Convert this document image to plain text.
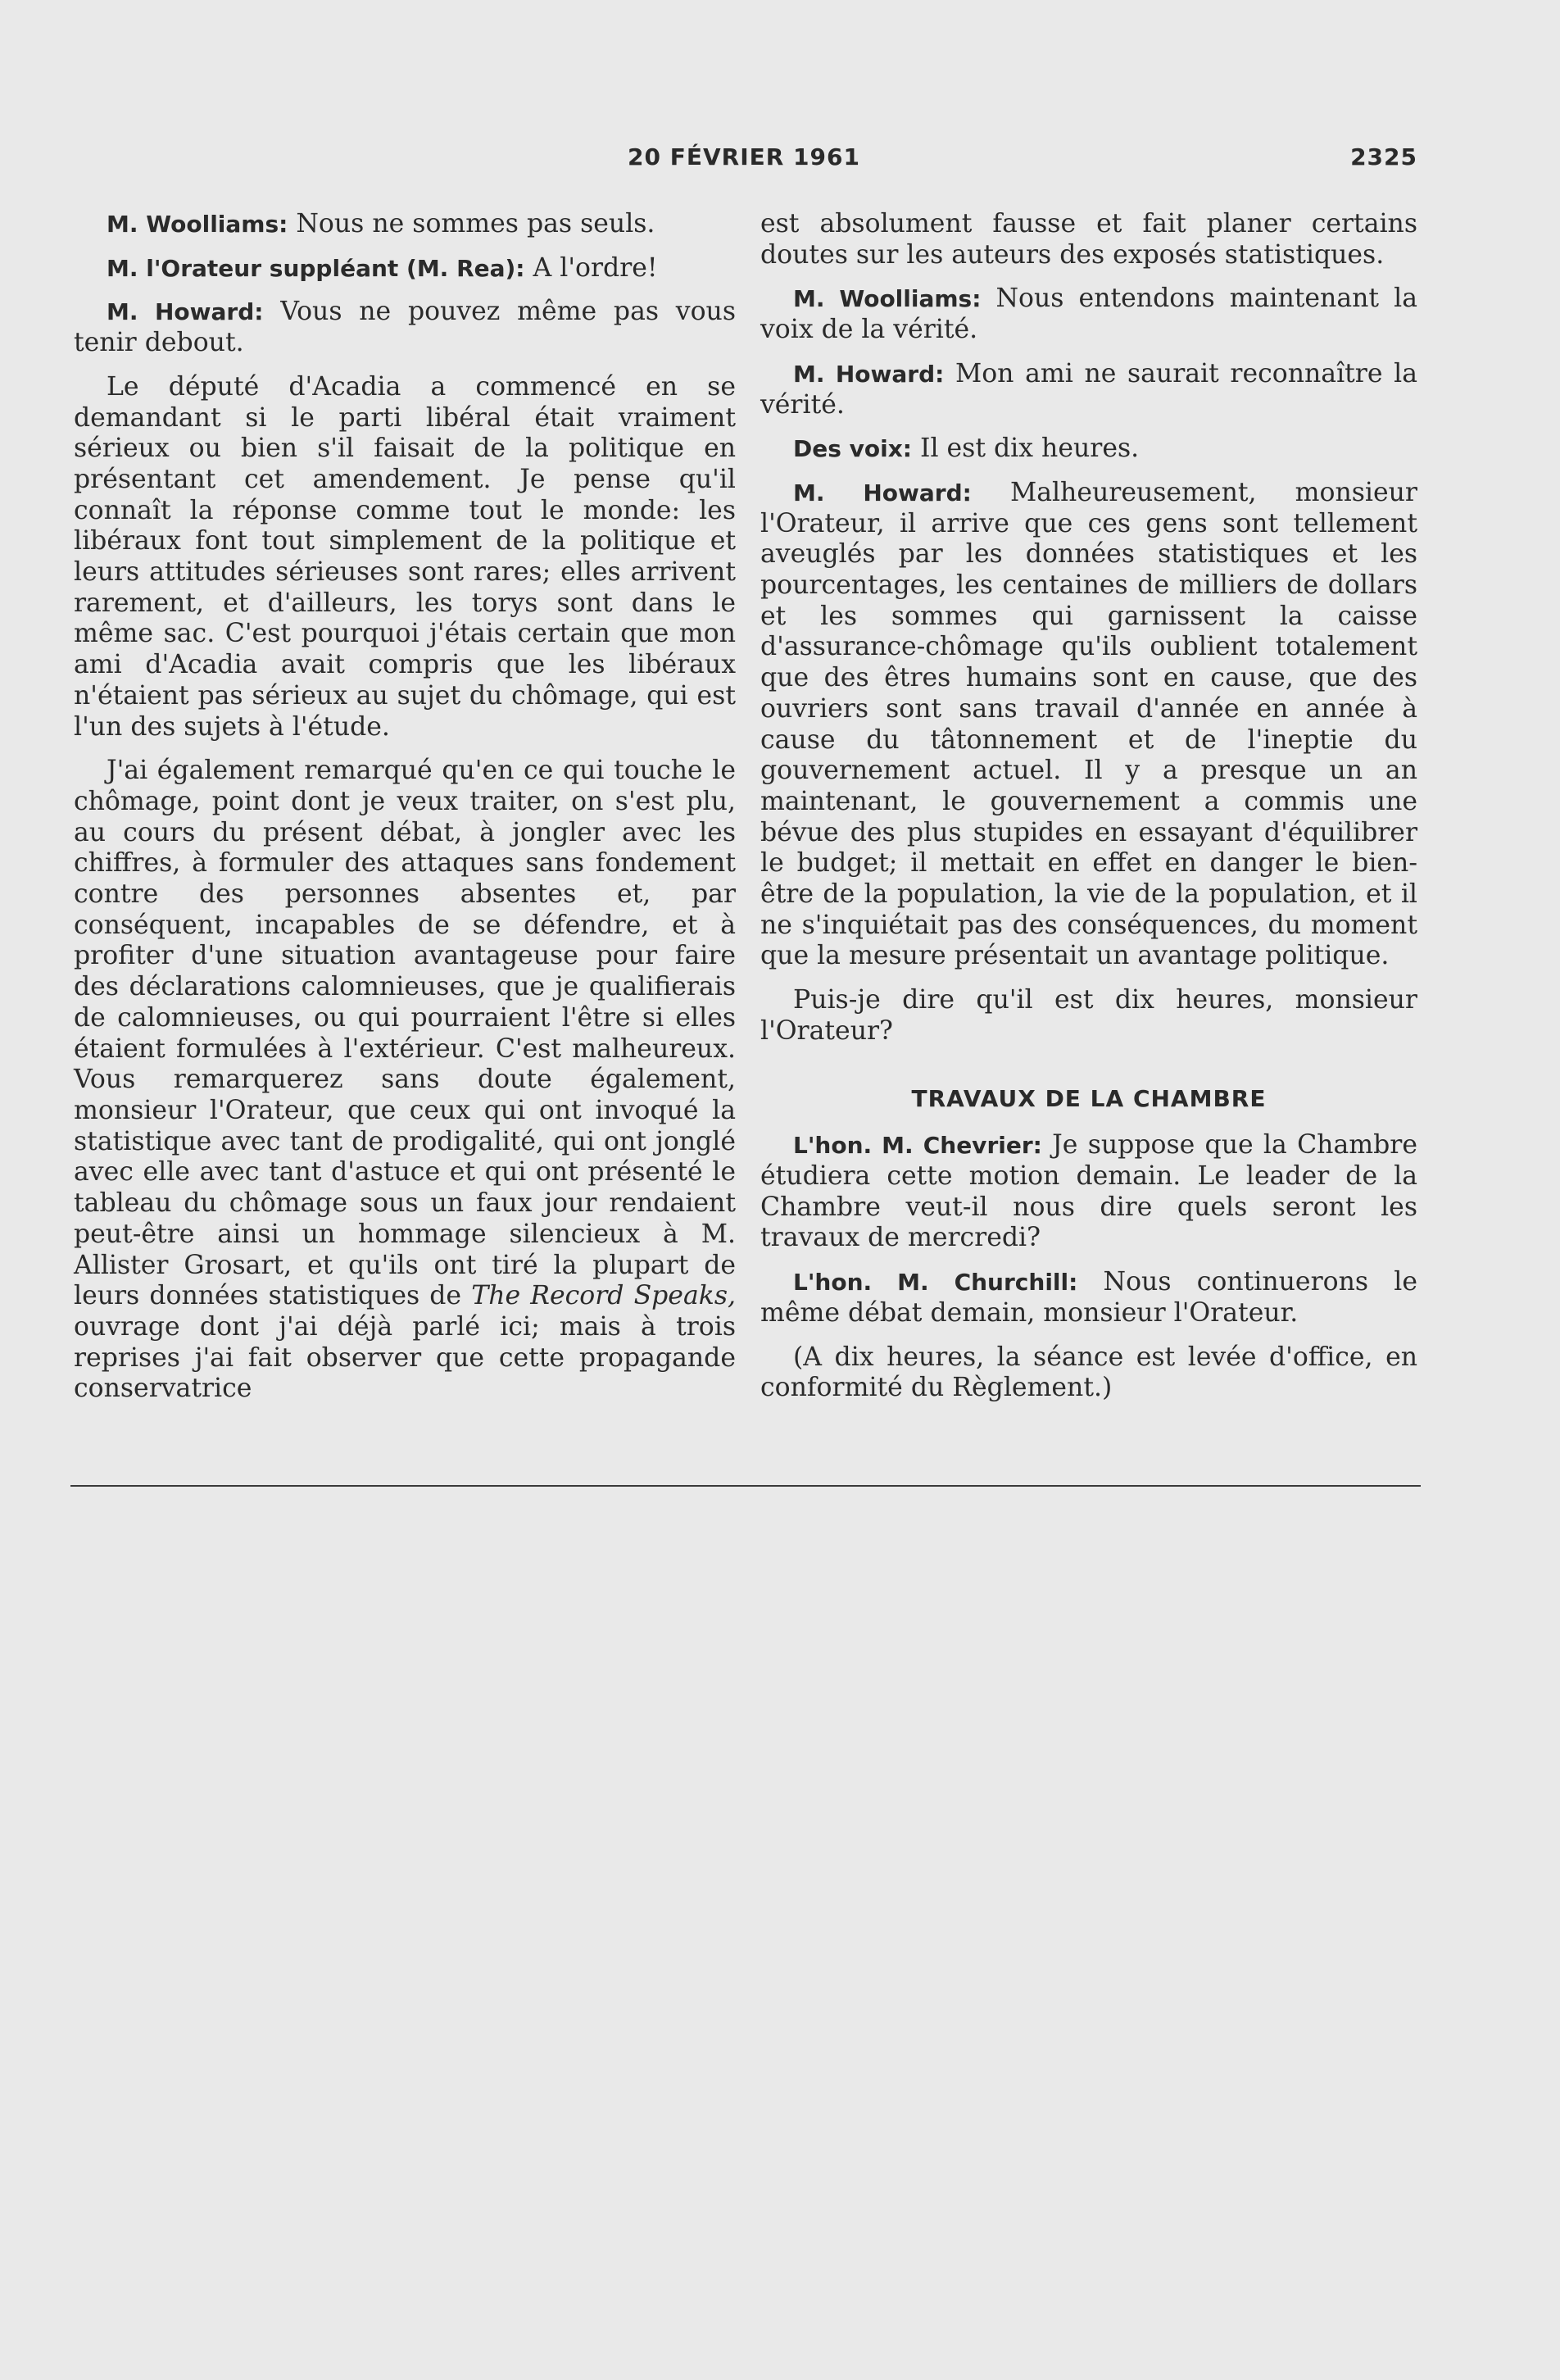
20 FÉVRIER 1961	2325

M. Woolliams: Nous ne sommes pas seuls.

M. l'Orateur suppléant (M. Rea): A l'ordre!

M. Howard: Vous ne pouvez même pas vous tenir debout.

Le député d'Acadia a commencé en se demandant si le parti libéral était vraiment sérieux ou bien s'il faisait de la politique en présentant cet amendement. Je pense qu'il connaît la réponse comme tout le monde: les libéraux font tout simplement de la politique et leurs attitudes sérieuses sont rares; elles arrivent rarement, et d'ailleurs, les torys sont dans le même sac. C'est pourquoi j'étais certain que mon ami d'Acadia avait compris que les libéraux n'étaient pas sérieux au sujet du chômage, qui est l'un des sujets à l'étude.

J'ai également remarqué qu'en ce qui touche le chômage, point dont je veux traiter, on s'est plu, au cours du présent débat, à jongler avec les chiffres, à formuler des attaques sans fondement contre des personnes absentes et, par conséquent, incapables de se défendre, et à profiter d'une situation avantageuse pour faire des déclarations calomnieuses, que je qualifierais de calomnieuses, ou qui pourraient l'être si elles étaient formulées à l'extérieur. C'est malheureux. Vous remarquerez sans doute également, monsieur l'Orateur, que ceux qui ont invoqué la statistique avec tant de prodigalité, qui ont jonglé avec elle avec tant d'astuce et qui ont présenté le tableau du chômage sous un faux jour rendaient peut-être ainsi un hommage silencieux à M. Allister Grosart, et qu'ils ont tiré la plupart de leurs données statistiques de The Record Speaks, ouvrage dont j'ai déjà parlé ici; mais à trois reprises j'ai fait observer que cette propagande conservatrice

est absolument fausse et fait planer certains doutes sur les auteurs des exposés statistiques.

M. Woolliams: Nous entendons maintenant la voix de la vérité.

M. Howard: Mon ami ne saurait reconnaître la vérité.

Des voix: Il est dix heures.

M. Howard: Malheureusement, monsieur l'Orateur, il arrive que ces gens sont tellement aveuglés par les données statistiques et les pourcentages, les centaines de milliers de dollars et les sommes qui garnissent la caisse d'assurance-chômage qu'ils oublient totalement que des êtres humains sont en cause, que des ouvriers sont sans travail d'année en année à cause du tâtonnement et de l'ineptie du gouvernement actuel. Il y a presque un an maintenant, le gouvernement a commis une bévue des plus stupides en essayant d'équilibrer le budget; il mettait en effet en danger le bien-être de la population, la vie de la population, et il ne s'inquiétait pas des conséquences, du moment que la mesure présentait un avantage politique.

Puis-je dire qu'il est dix heures, monsieur l'Orateur?

TRAVAUX DE LA CHAMBRE

L'hon. M. Chevrier: Je suppose que la Chambre étudiera cette motion demain. Le leader de la Chambre veut-il nous dire quels seront les travaux de mercredi?

L'hon. M. Churchill: Nous continuerons le même débat demain, monsieur l'Orateur.

(A dix heures, la séance est levée d'office, en conformité du Règlement.)
